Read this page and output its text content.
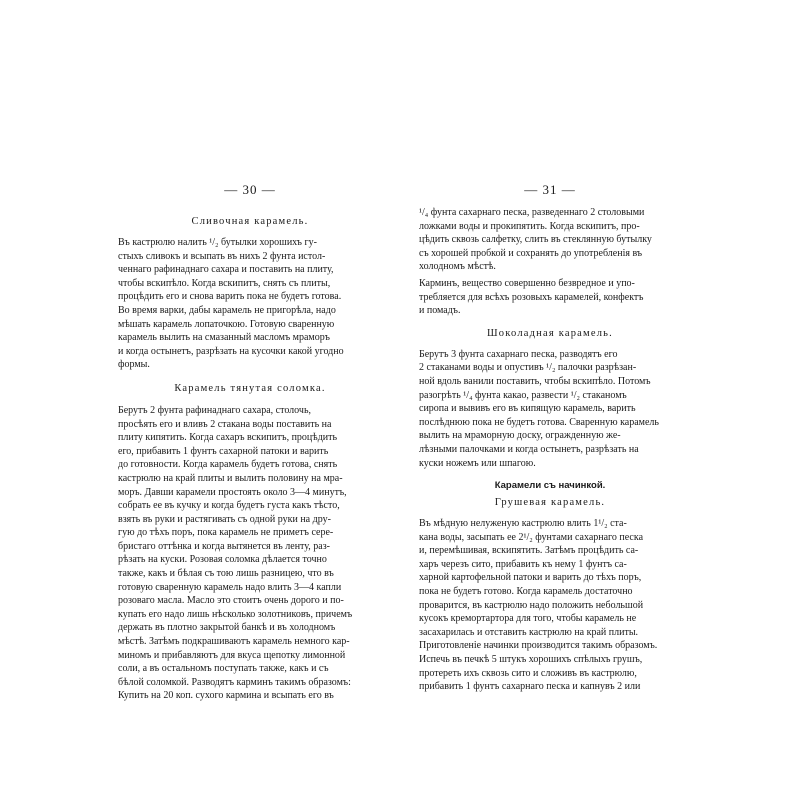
— 30 —

Сливочная карамель.

Въ кастрюлю налить ¹/₂ бутылки хорошихъ гу-
стыхъ сливокъ и всыпать въ нихъ 2 фунта истол-
ченнаго рафинаднаго сахара и поставить на плиту,
чтобы вскипѣло. Когда вскипитъ, снять съ плиты,
процѣдить его и снова варить пока не будетъ готова.
Во время варки, дабы карамель не пригорѣла, надо
мѣшать карамель лопаточкою. Готовую сваренную
карамель вылить на смазанный масломъ мраморъ
и когда остынетъ, разрѣзать на кусочки какой угодно
формы.

Карамель тянутая соломка.

Берутъ 2 фунта рафинаднаго сахара, столочь,
просѣять его и вливъ 2 стакана воды поставить на
плиту кипятить. Когда сахаръ вскипитъ, процѣдить
его, прибавить 1 фунтъ сахарной патоки и варить
до готовности. Когда карамель будетъ готова, снять
кастрюлю на край плиты и вылить половину на мра-
моръ. Давши карамели простоять около 3—4 минутъ,
собрать ее въ кучку и когда будетъ густа какъ тѣсто,
взять въ руки и растягивать съ одной руки на дру-
гую до тѣхъ поръ, пока карамель не приметъ сере-
бристаго оттѣнка и когда вытянется въ ленту, раз-
рѣзать на куски. Розовая соломка дѣлается точно
также, какъ и бѣлая съ тою лишь разницею, что въ
готовую сваренную карамель надо влить 3—4 капли
розоваго масла. Масло это стоитъ очень дорого и по-
купать его надо лишь нѣсколько золотниковъ, причемъ
держать въ плотно закрытой банкѣ и въ холодномъ
мѣстѣ. Затѣмъ подкрашиваютъ карамель немного кар-
миномъ и прибавляютъ для вкуса щепотку лимонной
соли, а въ остальномъ поступать также, какъ и съ
бѣлой соломкой. Разводятъ карминъ такимъ образомъ:
Купить на 20 коп. сухого кармина и всыпать его въ
— 31 —
¹/₄ фунта сахарнаго песка, разведеннаго 2 столовыми
ложками воды и прокипятить. Когда вскипитъ, про-
цѣдить сквозь салфетку, слить въ стеклянную бутылку
съ хорошей пробкой и сохранять до употребленія въ
холодномъ мѣстѣ.
Карминъ, вещество совершенно безвредное и упо-
требляется для всѣхъ розовыхъ карамелей, конфектъ
и помадъ.

Шоколадная карамель.

Берутъ 3 фунта сахарнаго песка, разводятъ его
2 стаканами воды и опустивъ ¹/₂ палочки разрѣзан-
ной вдоль ванили поставить, чтобы вскипѣло. Потомъ
разогрѣть ¹/₄ фунта какао, развести ¹/₂ стаканомъ
сиропа и вывивъ его въ кипящую карамель, варить
послѣднюю пока не будетъ готова. Сваренную карамель
вылить на мраморную доску, огражденную же-
лѣзными палочками и когда остынетъ, разрѣзать на
куски ножемъ или шпагою.
Карамели съ начинкой.

Грушевая карамель.

Въ мѣдную нелуженую кастрюлю влить 1¹/₂ ста-
кана воды, засыпать ее 2¹/₂ фунтами сахарнаго песка
и, перемѣшивая, вскипятить. Затѣмъ процѣдить са-
харъ черезъ сито, прибавить къ нему 1 фунтъ са-
харной картофельной патоки и варить до тѣхъ поръ,
пока не будетъ готово. Когда карамель достаточно
проварится, въ кастрюлю надо положить небольшой
кусокъ кремортартора для того, чтобы карамель не
засахарилась и отставить кастрюлю на край плиты.
Приготовленіе начинки производится такимъ образомъ.
Испечь въ печкѣ 5 штукъ хорошихъ спѣлыхъ грушъ,
протереть ихъ сквозь сито и сложивъ въ кастрюлю,
прибавить 1 фунтъ сахарнаго песка и капнувъ 2 или
